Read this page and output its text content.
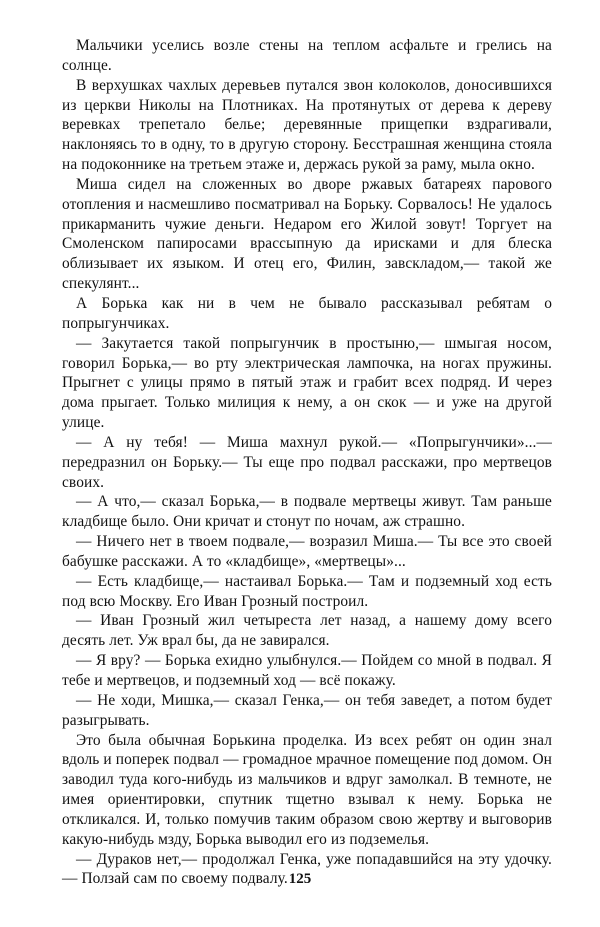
Мальчики уселись возле стены на теплом асфальте и грелись на солнце.

В верхушках чахлых деревьев путался звон колоколов, доносившихся из церкви Николы на Плотниках. На протянутых от дерева к дереву веревках трепетало белье; деревянные прищепки вздрагивали, наклоняясь то в одну, то в другую сторону. Бесстрашная женщина стояла на подоконнике на третьем этаже и, держась рукой за раму, мыла окно.

Миша сидел на сложенных во дворе ржавых батареях парового отопления и насмешливо посматривал на Борьку. Сорвалось! Не удалось прикарманить чужие деньги. Недаром его Жилой зовут! Торгует на Смоленском папиросами врассыпную да ирисками и для блеска облизывает их языком. И отец его, Филин, завскладом,— такой же спекулянт...

А Борька как ни в чем не бывало рассказывал ребятам о попрыгунчиках.

— Закутается такой попрыгунчик в простыню,— шмыгая носом, говорил Борька,— во рту электрическая лампочка, на ногах пружины. Прыгнет с улицы прямо в пятый этаж и грабит всех подряд. И через дома прыгает. Только милиция к нему, а он скок — и уже на другой улице.

— А ну тебя! — Миша махнул рукой.— «Попрыгунчики»...— передразнил он Борьку.— Ты еще про подвал расскажи, про мертвецов своих.

— А что,— сказал Борька,— в подвале мертвецы живут. Там раньше кладбище было. Они кричат и стонут по ночам, аж страшно.

— Ничего нет в твоем подвале,— возразил Миша.— Ты все это своей бабушке расскажи. А то «кладбище», «мертвецы»...

— Есть кладбище,— настаивал Борька.— Там и подземный ход есть под всю Москву. Его Иван Грозный построил.

— Иван Грозный жил четыреста лет назад, а нашему дому всего десять лет. Уж врал бы, да не завирался.

— Я вру? — Борька ехидно улыбнулся.— Пойдем со мной в подвал. Я тебе и мертвецов, и подземный ход — всё покажу.

— Не ходи, Мишка,— сказал Генка,— он тебя заведет, а потом будет разыгрывать.

Это была обычная Борькина проделка. Из всех ребят он один знал вдоль и поперек подвал — громадное мрачное помещение под домом. Он заводил туда кого-нибудь из мальчиков и вдруг замолкал. В темноте, не имея ориентировки, спутник тщетно взывал к нему. Борька не откликался. И, только помучив таким образом свою жертву и выговорив какую-нибудь мзду, Борька выводил его из подземелья.

— Дураков нет,— продолжал Генка, уже попадавшийся на эту удочку.— Ползай сам по своему подвалу. 125
